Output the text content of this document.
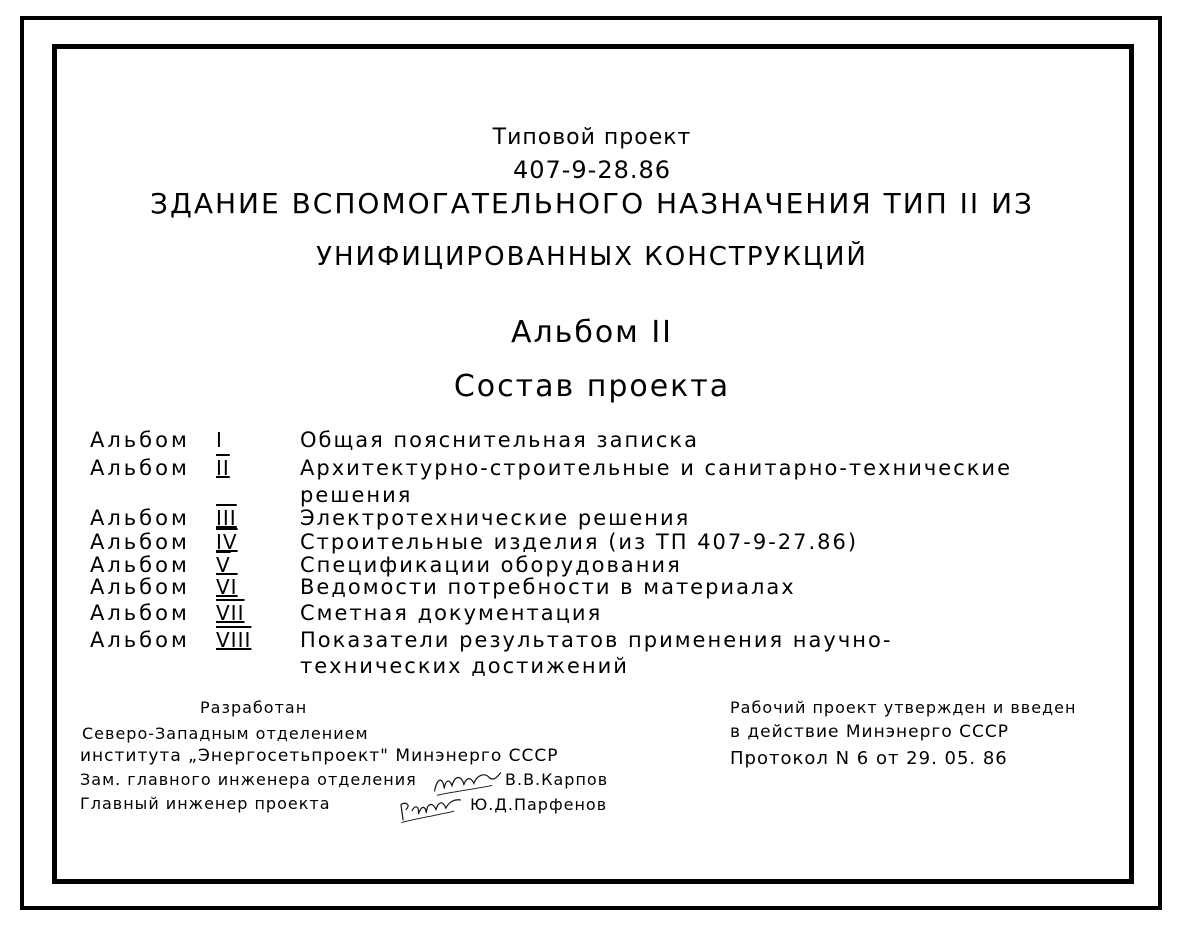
Типовой проект
407-9-28.86
ЗДАНИЕ ВСПОМОГАТЕЛЬНОГО НАЗНАЧЕНИЯ ТИП II ИЗ
УНИФИЦИРОВАННЫХ КОНСТРУКЦИЙ
Альбом II
Состав проекта
Альбом I	Общая пояснительная записка
Альбом II	Архитектурно-строительные и санитарно-технические
решения
Альбом III	Электротехнические решения
Альбом IV	Строительные изделия (из ТП 407-9-27.86)
Альбом V	Спецификации оборудования
Альбом VI	Ведомости потребности в материалах
Альбом VII	Сметная документация
Альбом VIII Показатели результатов применения научно-
технических достижений
Разработан
Северо-Западным отделением
института „Энергосетьпроект" Минэнерго СССР
Зам. главного инженера отделения	В.В.Карпов
Главный инженер проекта	Ю.Д.Парфенов
Рабочий проект утвержден и введен
в действие Минэнерго СССР
Протокол N 6 от 29. 05. 86
